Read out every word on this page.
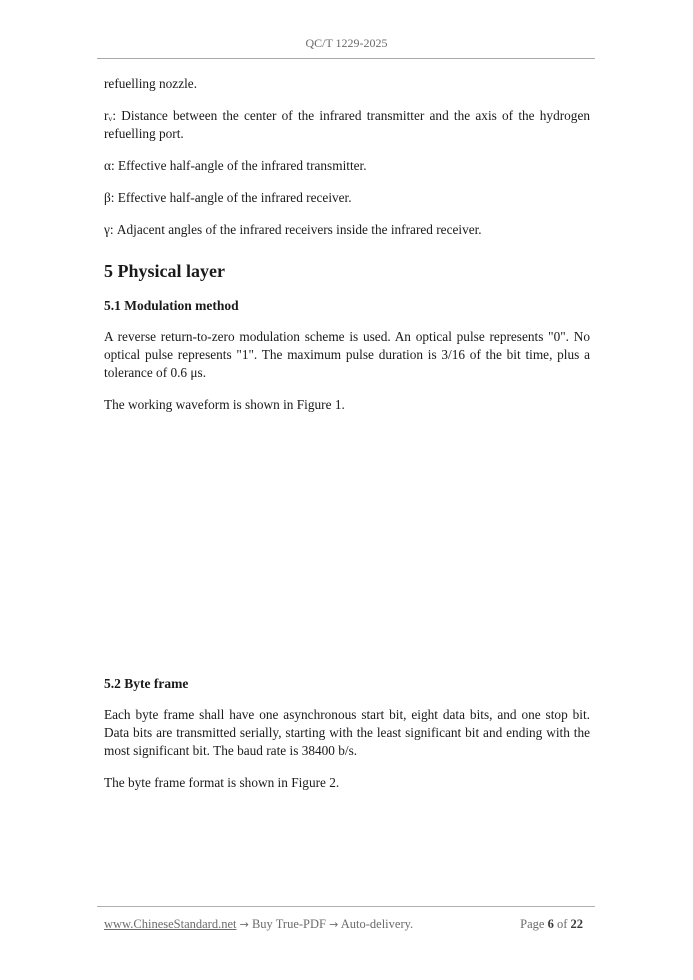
QC/T 1229-2025

refuelling nozzle.

rᵥ: Distance between the center of the infrared transmitter and the axis of the hydrogen refuelling port.

α: Effective half-angle of the infrared transmitter.

β: Effective half-angle of the infrared receiver.

γ: Adjacent angles of the infrared receivers inside the infrared receiver.

5 Physical layer
5.1 Modulation method

A reverse return-to-zero modulation scheme is used. An optical pulse represents "0". No optical pulse represents "1". The maximum pulse duration is 3/16 of the bit time, plus a tolerance of 0.6 μs.

The working waveform is shown in Figure 1.

5.2 Byte frame

Each byte frame shall have one asynchronous start bit, eight data bits, and one stop bit. Data bits are transmitted serially, starting with the least significant bit and ending with the most significant bit. The baud rate is 38400 b/s.

The byte frame format is shown in Figure 2.

www.ChineseStandard.net → Buy True-PDF → Auto-delivery.	Page 6 of 22
